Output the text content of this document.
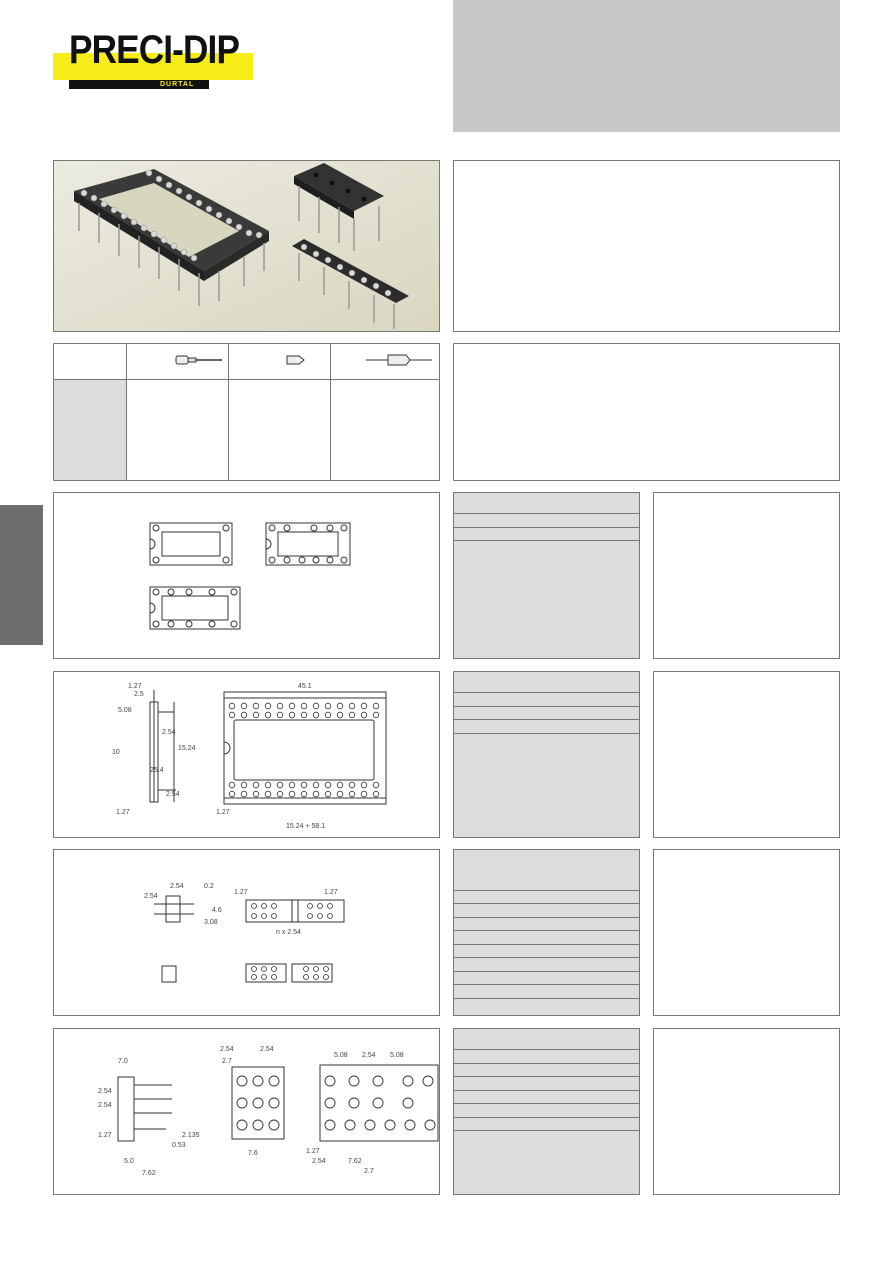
PRECI-DIP
DURTAL
1.27
2.5
5.08
2.54
10
15.24
25.4
2.54
1.27
45.1
1.27
15.24 + 58.1
2.54	0.2
2.54
4.6
3.08
1.27	1.27
n x 2.54
7.0
2.54
2.54
1.27
0.53
2.135
5.0
7.62
2.54	2.54
2.7
7.6
5.08 2.54 5.08
1.27
2.54	7.62
2.7
